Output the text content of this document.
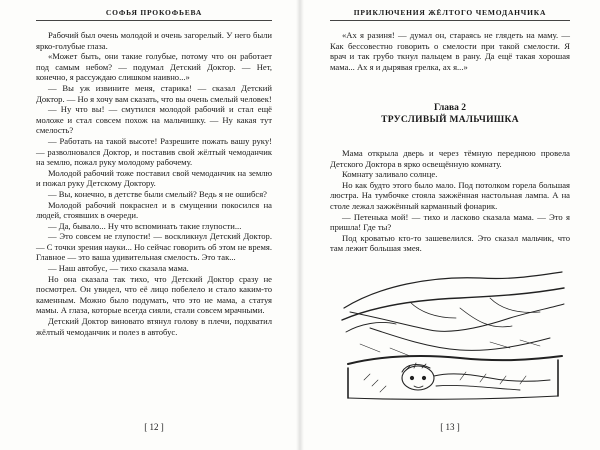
СОФЬЯ ПРОКОФЬЕВА

Рабочий был очень молодой и очень загорелый. У него были ярко-голубые глаза.

«Может быть, они такие голубые, потому что он работает под самым небом? — подумал Детский Доктор. — Нет, конечно, я рассуждаю слишком наивно...»

— Вы уж извините меня, старика! — сказал Детский Доктор. — Но я хочу вам сказать, что вы очень смелый человек!

— Ну что вы! — смутился молодой рабочий и стал ещё моложе и стал совсем похож на мальчишку. — Ну какая тут смелость?

— Работать на такой высоте! Разрешите пожать вашу руку! — разволновался Доктор, и поставив свой жёлтый чемоданчик на землю, пожал руку молодому рабочему.

Молодой рабочий тоже поставил свой чемоданчик на землю и пожал руку Детскому Доктору.

— Вы, конечно, в детстве были смелый? Ведь я не ошибся?

Молодой рабочий покраснел и в смущении покосился на людей, стоявших в очереди.

— Да, бывало... Ну что вспоминать такие глупости...

— Это совсем не глупости! — воскликнул Детский Доктор. — С точки зрения науки... Но сейчас говорить об этом не время. Главное — это ваша удивительная смелость. Это так...

— Наш автобус, — тихо сказала мама.

Но она сказала так тихо, что Детский Доктор сразу не посмотрел. Он увидел, что её лицо побелело и стало каким-то каменным. Можно было подумать, что это не мама, а статуя мамы. А глаза, которые всегда сияли, стали совсем мрачными.

Детский Доктор виновато втянул голову в плечи, подхватил жёлтый чемоданчик и полез в автобус.

[ 12 ]
ПРИКЛЮЧЕНИЯ ЖЁЛТОГО ЧЕМОДАНЧИКА

«Ах я разиня! — думал он, стараясь не глядеть на маму. — Как бессовестно говорить о смелости при такой смелости. Я врач и так грубо ткнул пальцем в рану. Да ещё такая хорошая мама... Ах я и дырявая грелка, ах я...»

Глава 2
ТРУСЛИВЫЙ МАЛЬЧИШКА

Мама открыла дверь и через тёмную переднюю провела Детского Доктора в ярко освещённую комнату.

Комнату заливало солнце.

Но как будто этого было мало. Под потолком горела большая люстра. На тумбочке стояла зажжённая настольная лампа. А на столе лежал зажжённый карманный фонарик.

— Петенька мой! — тихо и ласково сказала мама. — Это я пришла! Где ты?

Под кроватью кто-то зашевелился. Это сказал мальчик, что там лежит большая змея.

[ 13 ]
